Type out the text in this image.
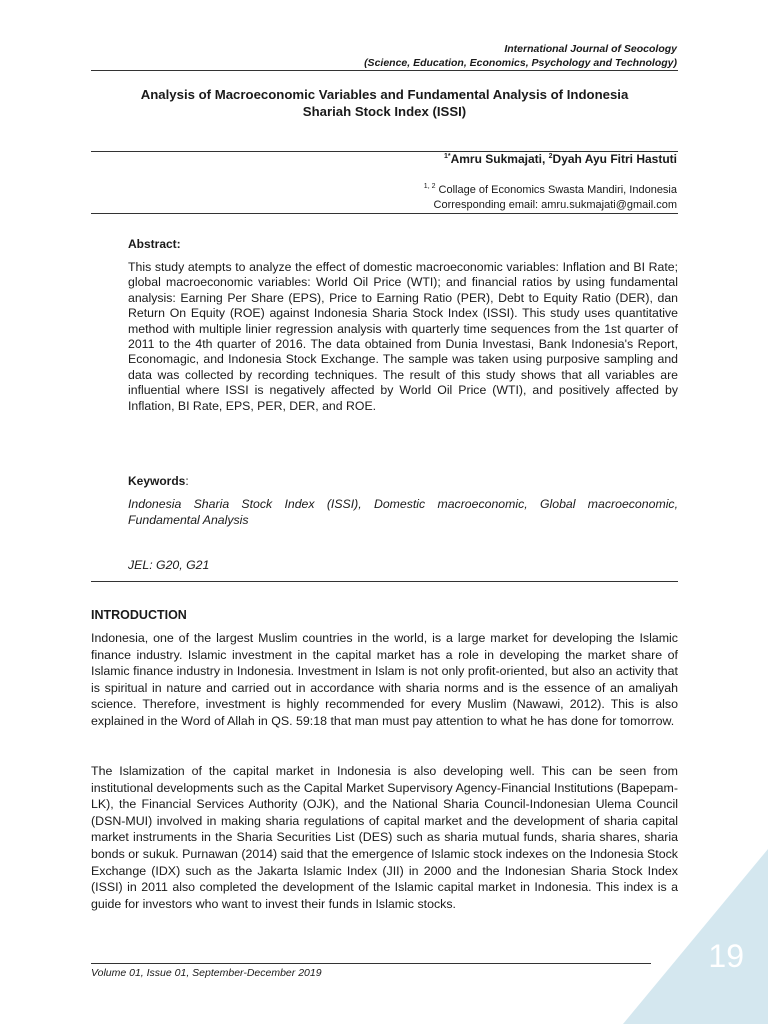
International Journal of Seocology
(Science, Education, Economics, Psychology and Technology)
Analysis of Macroeconomic Variables and Fundamental Analysis of Indonesia
Shariah Stock Index (ISSI)
$^{1*}$Amru Sukmajati, $^2$Dyah Ayu Fitri Hastuti
$^{1, 2}$ Collage of Economics Swasta Mandiri, Indonesia
Corresponding email: amru.sukmajati@gmail.com
Abstract:
This study atempts to analyze the effect of domestic macroeconomic variables: Inflation and BI Rate; global macroeconomic variables: World Oil Price (WTI); and financial ratios by using fundamental analysis: Earning Per Share (EPS), Price to Earning Ratio (PER), Debt to Equity Ratio (DER), dan Return On Equity (ROE) against Indonesia Sharia Stock Index (ISSI). This study uses quantitative method with multiple linier regression analysis with quarterly time sequences from the 1st quarter of 2011 to the 4th quarter of 2016. The data obtained from Dunia Investasi, Bank Indonesia's Report, Economagic, and Indonesia Stock Exchange. The sample was taken using purposive sampling and data was collected by recording techniques. The result of this study shows that all variables are influential where ISSI is negatively affected by World Oil Price (WTI), and positively affected by Inflation, BI Rate, EPS, PER, DER, and ROE.
Keywords:
Indonesia Sharia Stock Index (ISSI), Domestic macroeconomic, Global macroeconomic, Fundamental Analysis
JEL: G20, G21
INTRODUCTION

Indonesia, one of the largest Muslim countries in the world, is a large market for developing the Islamic finance industry. Islamic investment in the capital market has a role in developing the market share of Islamic finance industry in Indonesia. Investment in Islam is not only profit-oriented, but also an activity that is spiritual in nature and carried out in accordance with sharia norms and is the essence of an amaliyah science. Therefore, investment is highly recommended for every Muslim (Nawawi, 2012). This is also explained in the Word of Allah in QS. 59:18 that man must pay attention to what he has done for tomorrow.

The Islamization of the capital market in Indonesia is also developing well. This can be seen from institutional developments such as the Capital Market Supervisory Agency-Financial Institutions (Bapepam-LK), the Financial Services Authority (OJK), and the National Sharia Council-Indonesian Ulema Council (DSN-MUI) involved in making sharia regulations of capital market and the development of sharia capital market instruments in the Sharia Securities List (DES) such as sharia mutual funds, sharia shares, sharia bonds or sukuk. Purnawan (2014) said that the emergence of Islamic stock indexes on the Indonesia Stock Exchange (IDX) such as the Jakarta Islamic Index (JII) in 2000 and the Indonesian Sharia Stock Index (ISSI) in 2011 also completed the development of the Islamic capital market in Indonesia. This index is a guide for investors who want to invest their funds in Islamic stocks.

Volume 01, Issue 01, September-December 2019	19
